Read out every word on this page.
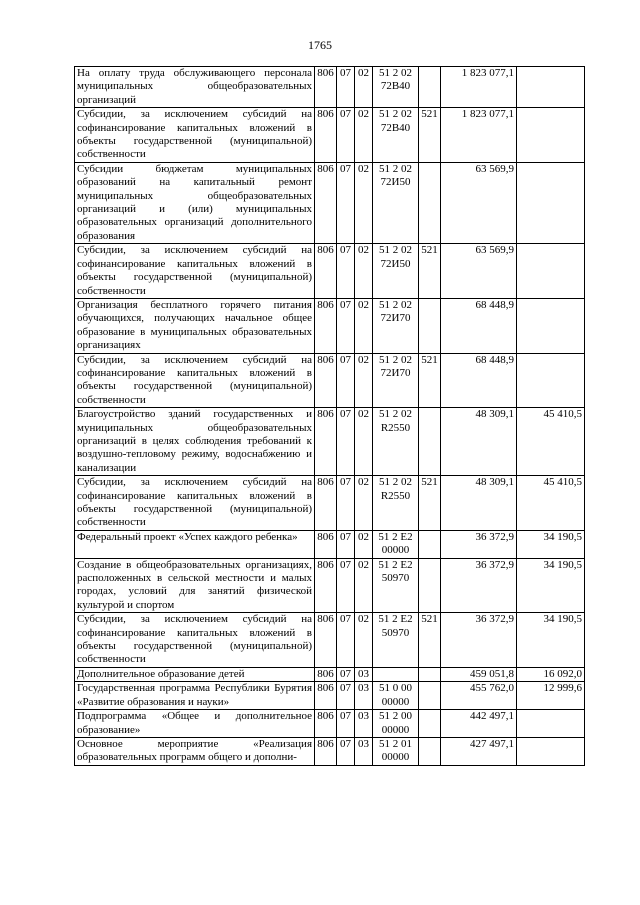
1765
На оплату труда обслуживающего персонала муниципальных общеобразовательных организаций	806	07	02	51 2 02
72В40		1 823 077,1	
Субсидии, за исключением субсидий на софинансирование капитальных вложений в объекты государственной (муниципальной) собственности	806	07	02	51 2 02
72В40	521	1 823 077,1	
Субсидии бюджетам муниципальных образований на капитальный ремонт муниципальных общеобразовательных организаций и (или) муниципальных образовательных организаций дополнительного образования	806	07	02	51 2 02
72И50		63 569,9	
Субсидии, за исключением субсидий на софинансирование капитальных вложений в объекты государственной (муниципальной) собственности	806	07	02	51 2 02
72И50	521	63 569,9	
Организация бесплатного горячего питания обучающихся, получающих начальное общее образование в муниципальных образовательных организациях	806	07	02	51 2 02
72И70		68 448,9	
Субсидии, за исключением субсидий на софинансирование капитальных вложений в объекты государственной (муниципальной) собственности	806	07	02	51 2 02
72И70	521	68 448,9	
Благоустройство зданий государственных и муниципальных общеобразовательных организаций в целях соблюдения требований к воздушно-тепловому режиму, водоснабжению и канализации	806	07	02	51 2 02
R2550		48 309,1	45 410,5
Субсидии, за исключением субсидий на софинансирование капитальных вложений в объекты государственной (муниципальной) собственности	806	07	02	51 2 02
R2550	521	48 309,1	45 410,5
Федеральный проект «Успех каждого ребенка»	806	07	02	51 2 E2
00000		36 372,9	34 190,5
Создание в общеобразовательных организациях, расположенных в сельской местности и малых городах, условий для занятий физической культурой и спортом	806	07	02	51 2 E2
50970		36 372,9	34 190,5
Субсидии, за исключением субсидий на софинансирование капитальных вложений в объекты государственной (муниципальной) собственности	806	07	02	51 2 E2
50970	521	36 372,9	34 190,5
Дополнительное образование детей	806	07	03			459 051,8	16 092,0
Государственная программа Республики Бурятия «Развитие образования и науки»	806	07	03	51 0 00
00000		455 762,0	12 999,6
Подпрограмма «Общее и дополнительное образование»	806	07	03	51 2 00
00000		442 497,1	
Основное мероприятие «Реализация образовательных программ общего и дополни-	806	07	03	51 2 01
00000		427 497,1	
